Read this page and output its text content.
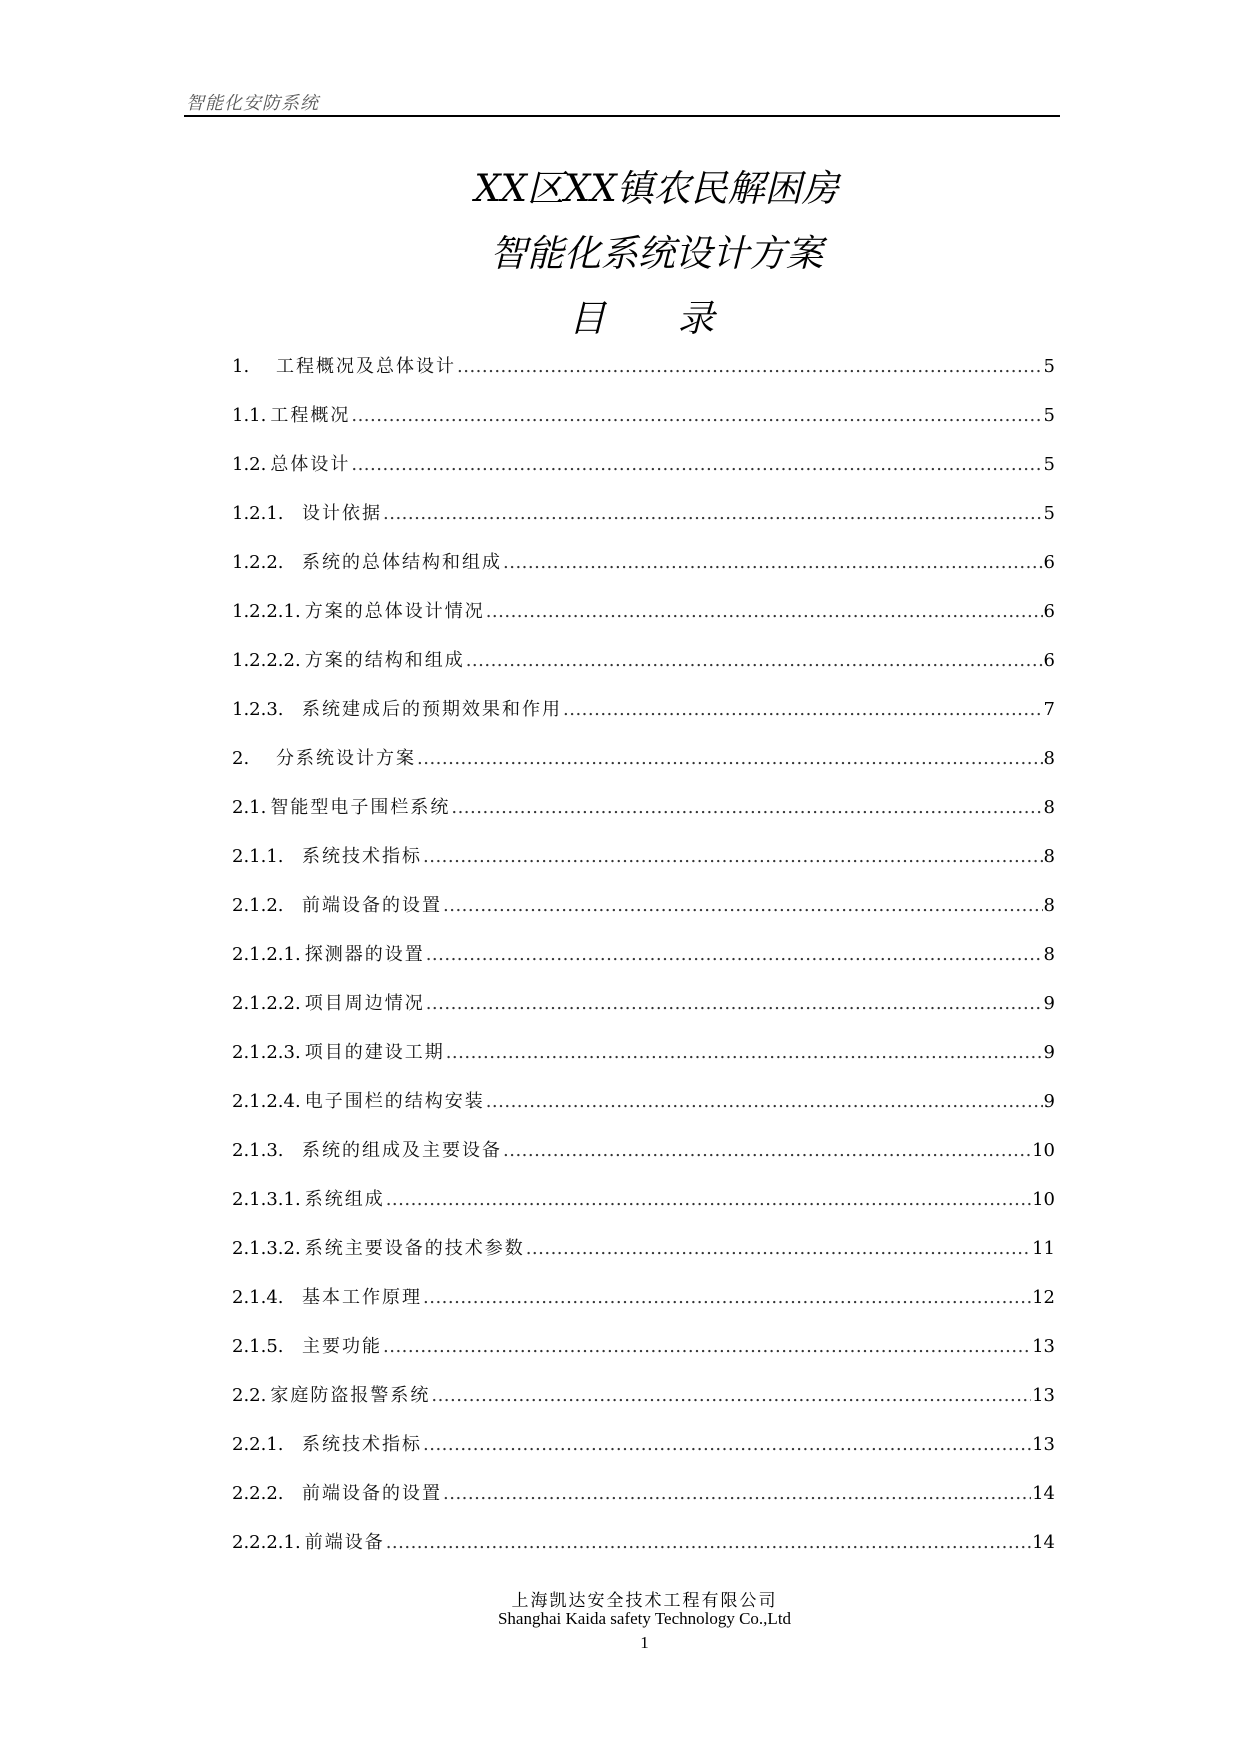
智能化安防系统
XX区XX镇农民解困房
智能化系统设计方案
目 录
1.	工程概况及总体设计 .....	5
1.1. 工程概况 .....	5
1.2. 总体设计 .....	5
1.2.1.	设计依据 .....	5
1.2.2.	系统的总体结构和组成 .....	6
1.2.2.1. 方案的总体设计情况 .....	6
1.2.2.2. 方案的结构和组成 .....	6
1.2.3.	系统建成后的预期效果和作用 .....	7
2.	分系统设计方案 .....	8
2.1. 智能型电子围栏系统 .....	8
2.1.1.	系统技术指标 .....	8
2.1.2.	前端设备的设置 .....	8
2.1.2.1. 探测器的设置 .....	8
2.1.2.2. 项目周边情况 .....	9
2.1.2.3. 项目的建设工期 .....	9
2.1.2.4. 电子围栏的结构安装 .....	9
2.1.3.	系统的组成及主要设备 .....	10
2.1.3.1. 系统组成 .....	10
2.1.3.2. 系统主要设备的技术参数 .....	11
2.1.4.	基本工作原理 .....	12
2.1.5.	主要功能 .....	13
2.2. 家庭防盗报警系统 .....	13
2.2.1.	系统技术指标 .....	13
2.2.2.	前端设备的设置 .....	14
2.2.2.1. 前端设备 .....	14
上海凯达安全技术工程有限公司
Shanghai Kaida safety Technology Co.,Ltd
1
